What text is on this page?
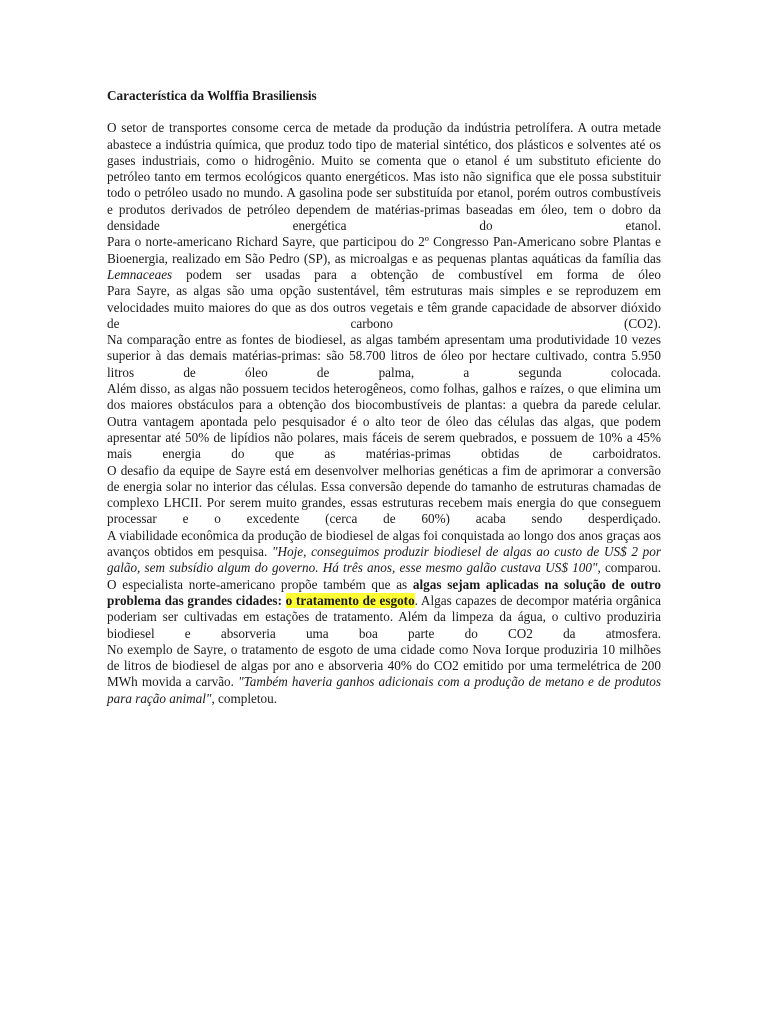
Característica da Wolffia Brasiliensis

O setor de transportes consome cerca de metade da produção da indústria petrolífera. A outra metade abastece a indústria química, que produz todo tipo de material sintético, dos plásticos e solventes até os gases industriais, como o hidrogênio. Muito se comenta que o etanol é um substituto eficiente do petróleo tanto em termos ecológicos quanto energéticos. Mas isto não significa que ele possa substituir todo o petróleo usado no mundo. A gasolina pode ser substituída por etanol, porém outros combustíveis e produtos derivados de petróleo dependem de matérias-primas baseadas em óleo, tem o dobro da densidade energética do etanol.

Para o norte-americano Richard Sayre, que participou do 2º Congresso Pan-Americano sobre Plantas e Bioenergia, realizado em São Pedro (SP), as microalgas e as pequenas plantas aquáticas da família das Lemnaceaes podem ser usadas para a obtenção de combustível em forma de óleo

Para Sayre, as algas são uma opção sustentável, têm estruturas mais simples e se reproduzem em velocidades muito maiores do que as dos outros vegetais e têm grande capacidade de absorver dióxido de carbono (CO2).

Na comparação entre as fontes de biodiesel, as algas também apresentam uma produtividade 10 vezes superior à das demais matérias-primas: são 58.700 litros de óleo por hectare cultivado, contra 5.950 litros de óleo de palma, a segunda colocada.

Além disso, as algas não possuem tecidos heterogêneos, como folhas, galhos e raízes, o que elimina um dos maiores obstáculos para a obtenção dos biocombustíveis de plantas: a quebra da parede celular.

Outra vantagem apontada pelo pesquisador é o alto teor de óleo das células das algas, que podem apresentar até 50% de lipídios não polares, mais fáceis de serem quebrados, e possuem de 10% a 45% mais energia do que as matérias-primas obtidas de carboidratos.

O desafio da equipe de Sayre está em desenvolver melhorias genéticas a fim de aprimorar a conversão de energia solar no interior das células. Essa conversão depende do tamanho de estruturas chamadas de complexo LHCII. Por serem muito grandes, essas estruturas recebem mais energia do que conseguem processar e o excedente (cerca de 60%) acaba sendo desperdiçado.

A viabilidade econômica da produção de biodiesel de algas foi conquistada ao longo dos anos graças aos avanços obtidos em pesquisa. "Hoje, conseguimos produzir biodiesel de algas ao custo de US$ 2 por galão, sem subsídio algum do governo. Há três anos, esse mesmo galão custava US$ 100", comparou.

O especialista norte-americano propõe também que as algas sejam aplicadas na solução de outro problema das grandes cidades: o tratamento de esgoto. Algas capazes de decompor matéria orgânica poderiam ser cultivadas em estações de tratamento. Além da limpeza da água, o cultivo produziria biodiesel e absorveria uma boa parte do CO2 da atmosfera.

No exemplo de Sayre, o tratamento de esgoto de uma cidade como Nova Iorque produziria 10 milhões de litros de biodiesel de algas por ano e absorveria 40% do CO2 emitido por uma termelétrica de 200 MWh movida a carvão. "Também haveria ganhos adicionais com a produção de metano e de produtos para ração animal", completou.
